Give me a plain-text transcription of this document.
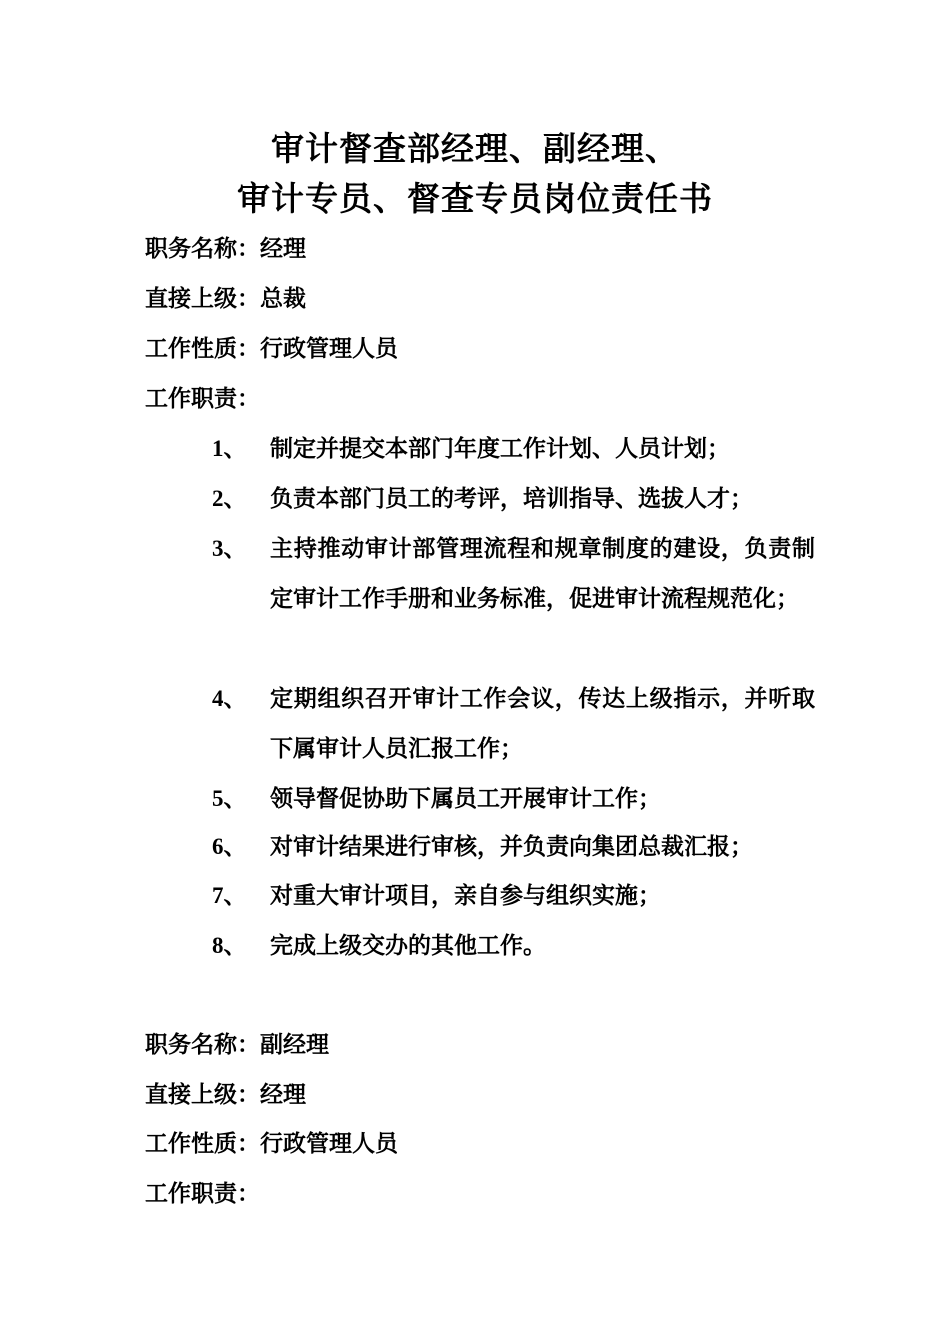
审计督查部经理、副经理、
审计专员、督查专员岗位责任书
职务名称：经理
直接上级：总裁
工作性质：行政管理人员
工作职责：
1、 制定并提交本部门年度工作计划、人员计划；
2、 负责本部门员工的考评，培训指导、选拔人才；
3、 主持推动审计部管理流程和规章制度的建设，负责制定审计工作手册和业务标准，促进审计流程规范化；
4、 定期组织召开审计工作会议，传达上级指示，并听取下属审计人员汇报工作；
5、 领导督促协助下属员工开展审计工作；
6、 对审计结果进行审核，并负责向集团总裁汇报；
7、 对重大审计项目，亲自参与组织实施；
8、 完成上级交办的其他工作。
职务名称：副经理
直接上级：经理
工作性质：行政管理人员
工作职责：
